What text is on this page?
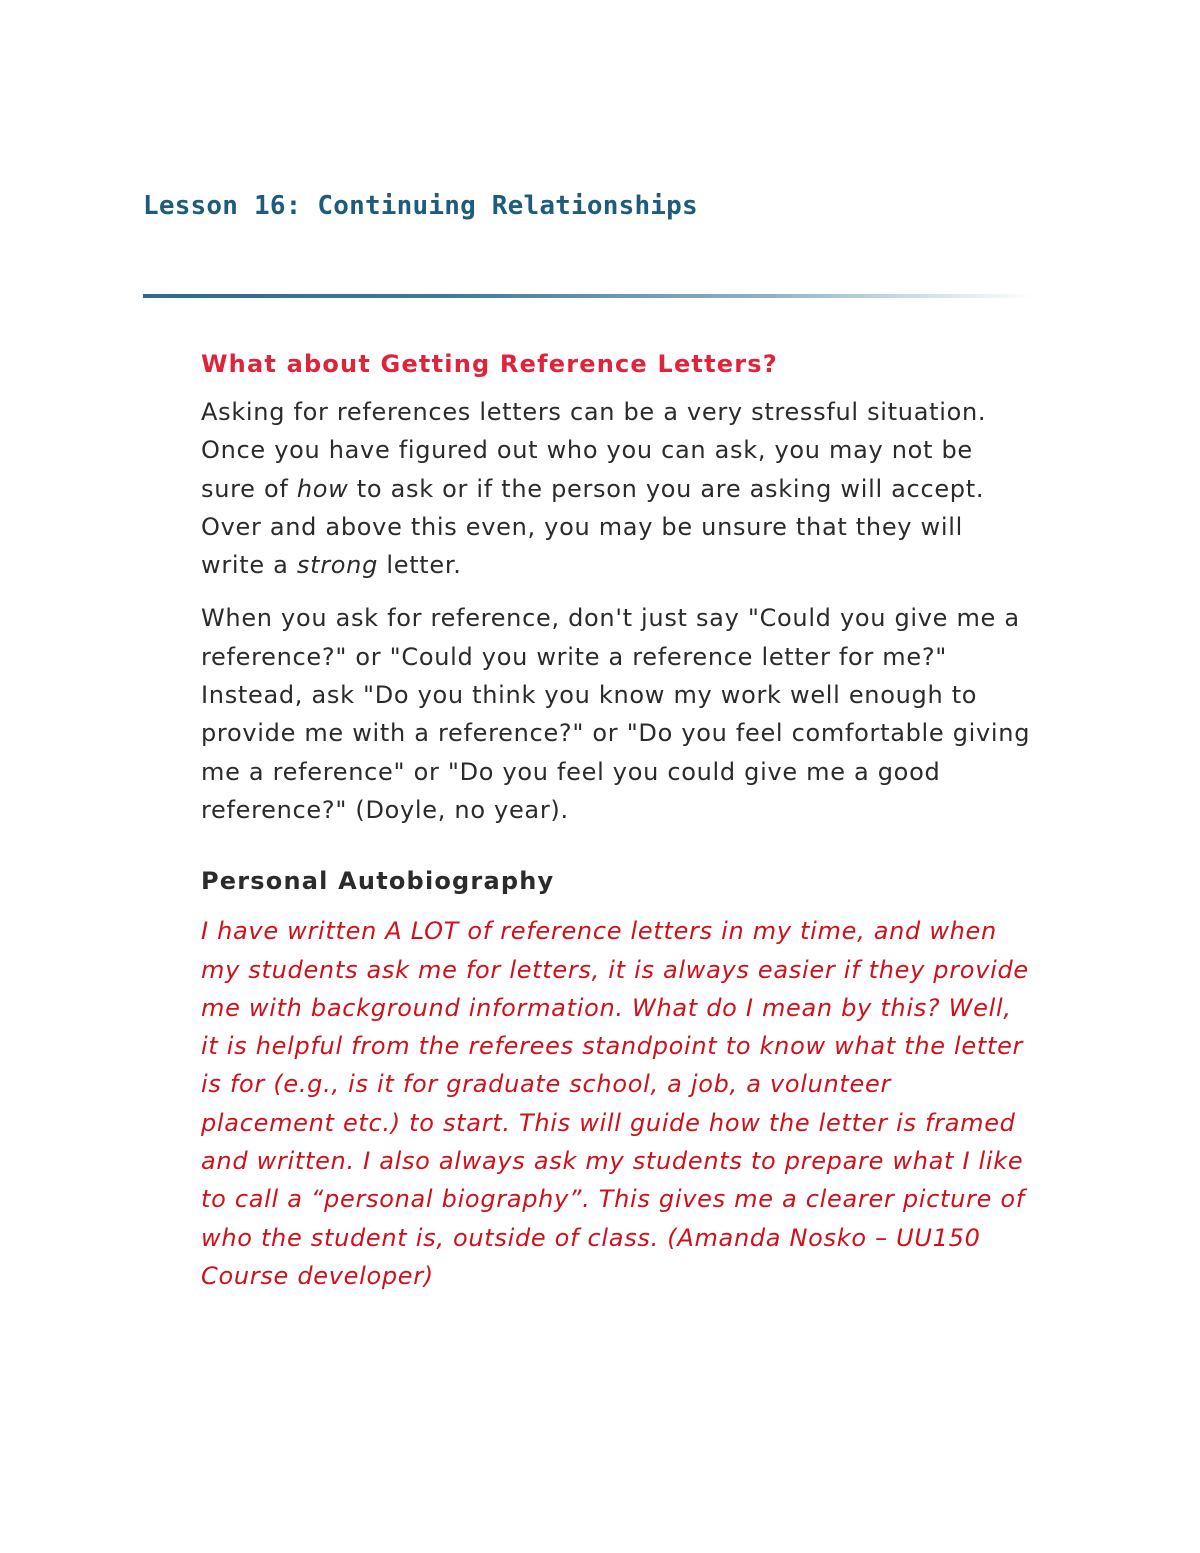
Lesson 16: Continuing Relationships
What about Getting Reference Letters?

Asking for references letters can be a very stressful situation. Once you have figured out who you can ask, you may not be sure of how to ask or if the person you are asking will accept. Over and above this even, you may be unsure that they will write a strong letter.

When you ask for reference, don't just say "Could you give me a reference?" or "Could you write a reference letter for me?" Instead, ask "Do you think you know my work well enough to provide me with a reference?" or "Do you feel comfortable giving me a reference" or "Do you feel you could give me a good reference?" (Doyle, no year).

Personal Autobiography

I have written A LOT of reference letters in my time, and when my students ask me for letters, it is always easier if they provide me with background information. What do I mean by this? Well, it is helpful from the referees standpoint to know what the letter is for (e.g., is it for graduate school, a job, a volunteer placement etc.) to start. This will guide how the letter is framed and written. I also always ask my students to prepare what I like to call a “personal biography”. This gives me a clearer picture of who the student is, outside of class. (Amanda Nosko – UU150 Course developer)
